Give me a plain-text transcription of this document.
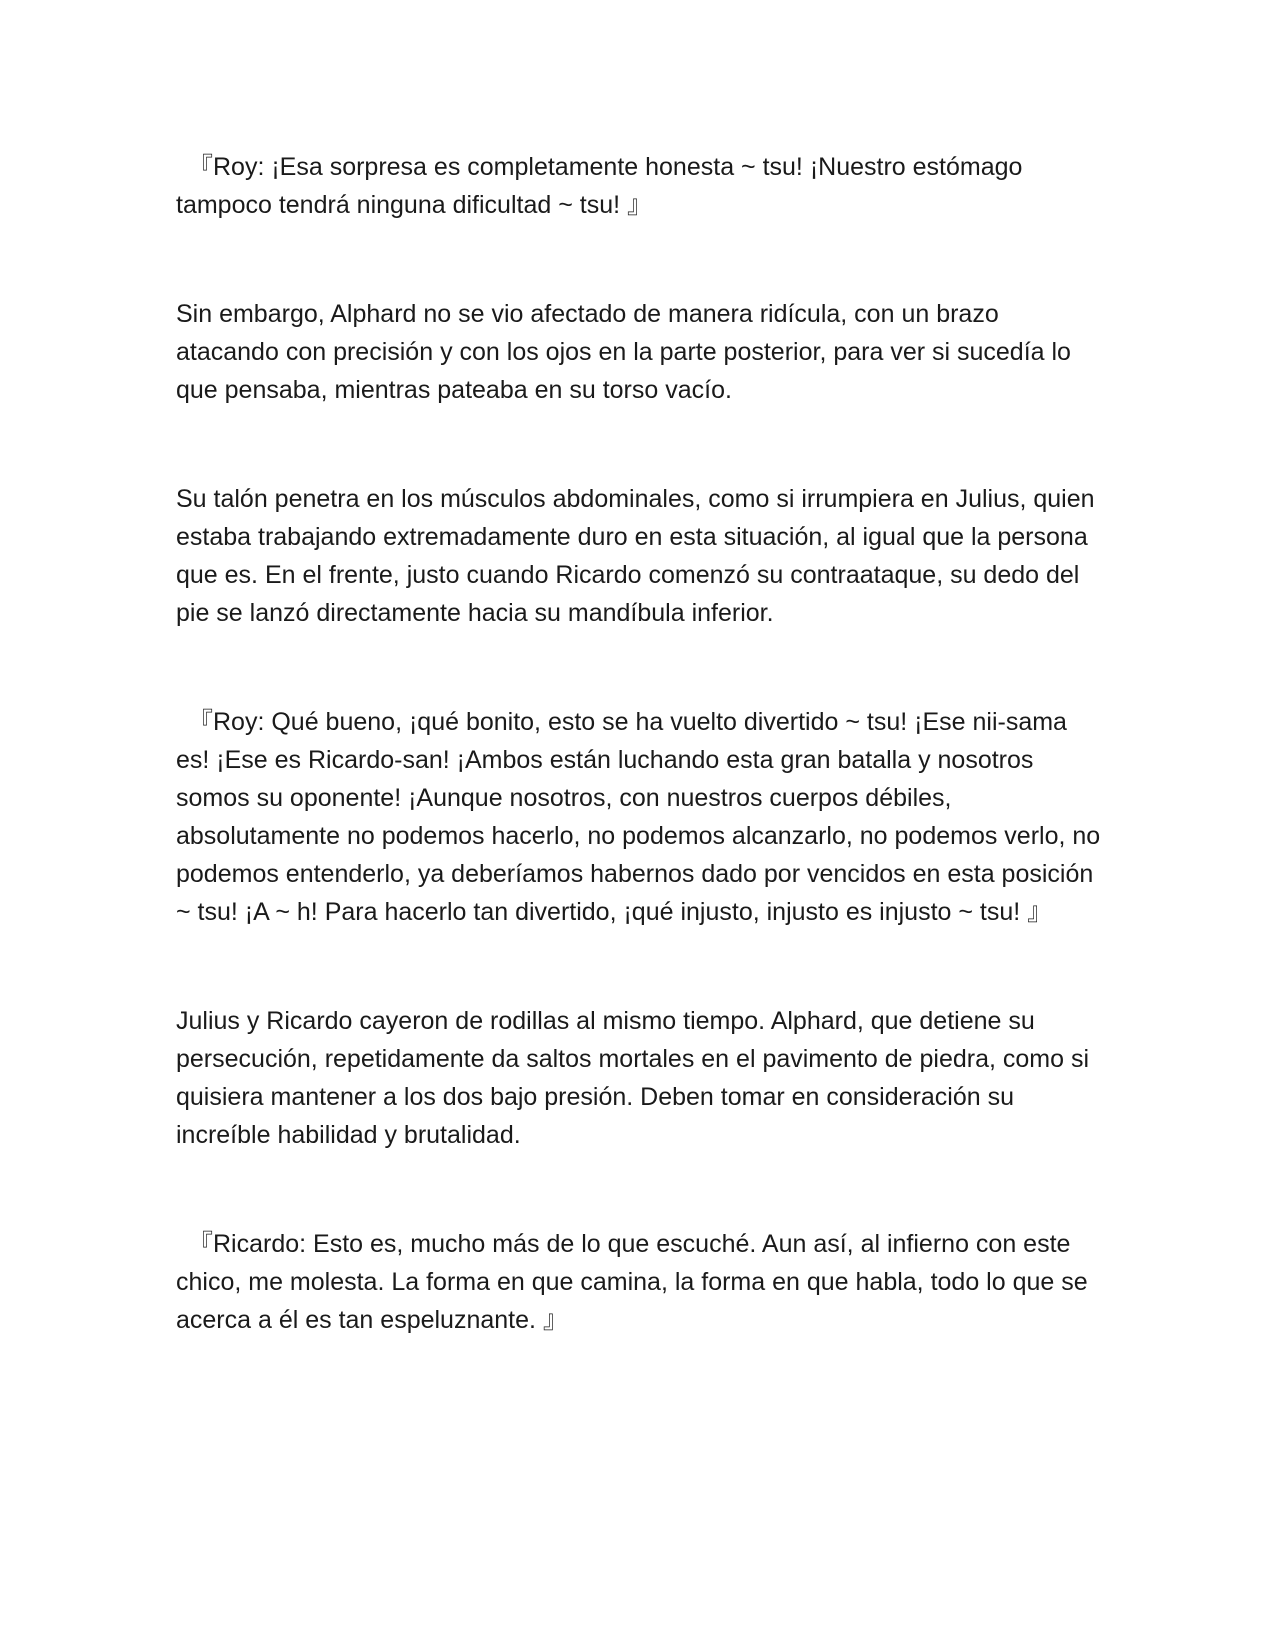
『Roy: ¡Esa sorpresa es completamente honesta ~ tsu! ¡Nuestro estómago tampoco tendrá ninguna dificultad ~ tsu! 』

Sin embargo, Alphard no se vio afectado de manera ridícula, con un brazo atacando con precisión y con los ojos en la parte posterior, para ver si sucedía lo que pensaba, mientras pateaba en su torso vacío.

Su talón penetra en los músculos abdominales, como si irrumpiera en Julius, quien estaba trabajando extremadamente duro en esta situación, al igual que la persona que es. En el frente, justo cuando Ricardo comenzó su contraataque, su dedo del pie se lanzó directamente hacia su mandíbula inferior.

『Roy: Qué bueno, ¡qué bonito, esto se ha vuelto divertido ~ tsu! ¡Ese nii-sama es! ¡Ese es Ricardo-san! ¡Ambos están luchando esta gran batalla y nosotros somos su oponente! ¡Aunque nosotros, con nuestros cuerpos débiles, absolutamente no podemos hacerlo, no podemos alcanzarlo, no podemos verlo, no podemos entenderlo, ya deberíamos habernos dado por vencidos en esta posición ~ tsu! ¡A ~ h! Para hacerlo tan divertido, ¡qué injusto, injusto es injusto ~ tsu! 』

Julius y Ricardo cayeron de rodillas al mismo tiempo. Alphard, que detiene su persecución, repetidamente da saltos mortales en el pavimento de piedra, como si quisiera mantener a los dos bajo presión. Deben tomar en consideración su increíble habilidad y brutalidad.

『Ricardo: Esto es, mucho más de lo que escuché. Aun así, al infierno con este chico, me molesta. La forma en que camina, la forma en que habla, todo lo que se acerca a él es tan espeluznante. 』
